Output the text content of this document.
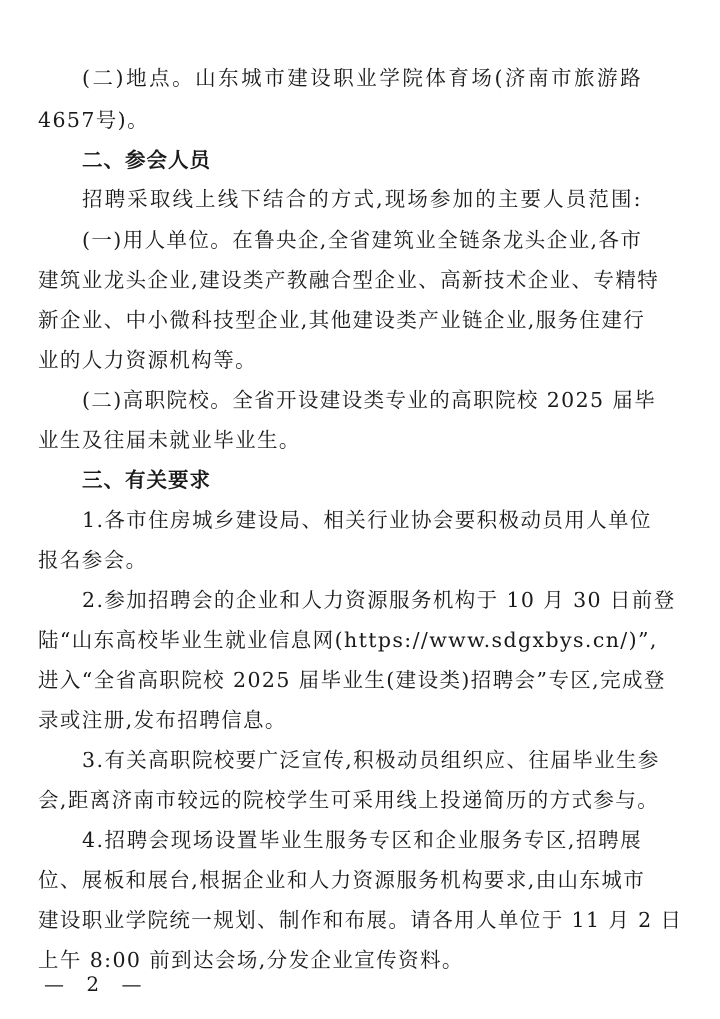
(二)地点。山东城市建设职业学院体育场(济南市旅游路
4657号)。
二、参会人员
招聘采取线上线下结合的方式,现场参加的主要人员范围:
(一)用人单位。在鲁央企,全省建筑业全链条龙头企业,各市
建筑业龙头企业,建设类产教融合型企业、高新技术企业、专精特
新企业、中小微科技型企业,其他建设类产业链企业,服务住建行
业的人力资源机构等。
(二)高职院校。全省开设建设类专业的高职院校 2025 届毕
业生及往届未就业毕业生。
三、有关要求
1.各市住房城乡建设局、相关行业协会要积极动员用人单位
报名参会。
2.参加招聘会的企业和人力资源服务机构于 10 月 30 日前登
陆“山东高校毕业生就业信息网(https://www.sdgxbys.cn/)”,
进入“全省高职院校 2025 届毕业生(建设类)招聘会”专区,完成登
录或注册,发布招聘信息。
3.有关高职院校要广泛宣传,积极动员组织应、往届毕业生参
会,距离济南市较远的院校学生可采用线上投递简历的方式参与。
4.招聘会现场设置毕业生服务专区和企业服务专区,招聘展
位、展板和展台,根据企业和人力资源服务机构要求,由山东城市
建设职业学院统一规划、制作和布展。请各用人单位于 11 月 2 日
上午 8:00 前到达会场,分发企业宣传资料。
— 2 —
